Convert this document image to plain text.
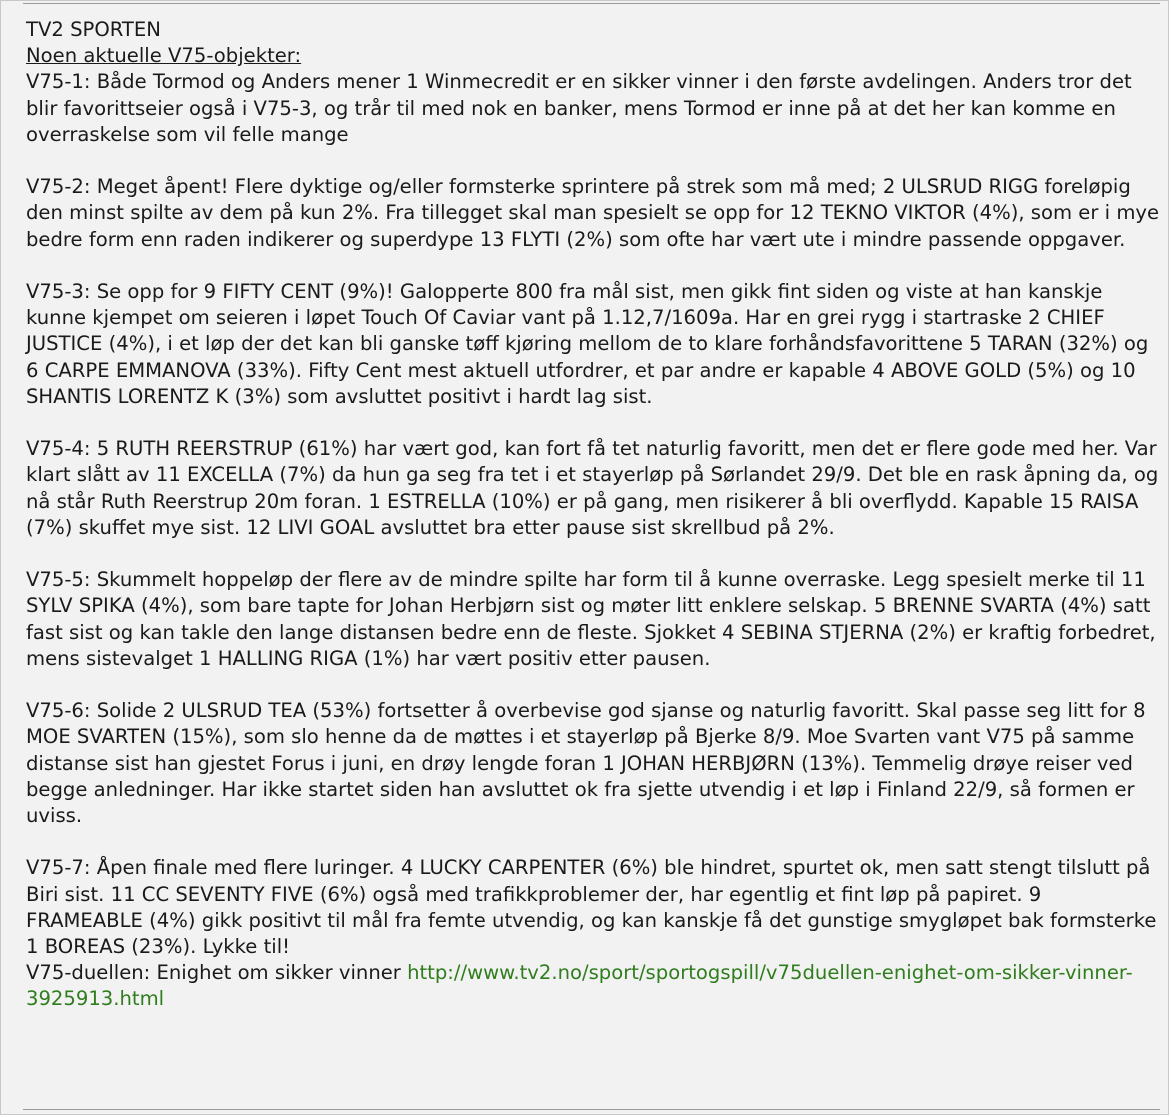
TV2 SPORTEN

Noen aktuelle V75-objekter:

V75-1: Både Tormod og Anders mener 1 Winmecredit er en sikker vinner i den første avdelingen. Anders tror det blir favorittseier også i V75-3, og trår til med nok en banker, mens Tormod er inne på at det her kan komme en overraskelse som vil felle mange

V75-2: Meget åpent! Flere dyktige og/eller formsterke sprintere på strek som må med; 2 ULSRUD RIGG foreløpig den minst spilte av dem på kun 2%. Fra tillegget skal man spesielt se opp for 12 TEKNO VIKTOR (4%), som er i mye bedre form enn raden indikerer og superdype 13 FLYTI (2%) som ofte har vært ute i mindre passende oppgaver.

V75-3: Se opp for 9 FIFTY CENT (9%)! Galopperte 800 fra mål sist, men gikk fint siden og viste at han kanskje kunne kjempet om seieren i løpet Touch Of Caviar vant på 1.12,7/1609a. Har en grei rygg i startraske 2 CHIEF JUSTICE (4%), i et løp der det kan bli ganske tøff kjøring mellom de to klare forhåndsfavorittene 5 TARAN (32%) og 6 CARPE EMMANOVA (33%). Fifty Cent mest aktuell utfordrer, et par andre er kapable 4 ABOVE GOLD (5%) og 10 SHANTIS LORENTZ K (3%) som avsluttet positivt i hardt lag sist.

V75-4: 5 RUTH REERSTRUP (61%) har vært god, kan fort få tet naturlig favoritt, men det er flere gode med her. Var klart slått av 11 EXCELLA (7%) da hun ga seg fra tet i et stayerløp på Sørlandet 29/9. Det ble en rask åpning da, og nå står Ruth Reerstrup 20m foran. 1 ESTRELLA (10%) er på gang, men risikerer å bli overflydd. Kapable 15 RAISA (7%) skuffet mye sist. 12 LIVI GOAL avsluttet bra etter pause sist skrellbud på 2%.

V75-5: Skummelt hoppeløp der flere av de mindre spilte har form til å kunne overraske. Legg spesielt merke til 11 SYLV SPIKA (4%), som bare tapte for Johan Herbjørn sist og møter litt enklere selskap. 5 BRENNE SVARTA (4%) satt fast sist og kan takle den lange distansen bedre enn de fleste. Sjokket 4 SEBINA STJERNA (2%) er kraftig forbedret, mens sistevalget 1 HALLING RIGA (1%) har vært positiv etter pausen.

V75-6: Solide 2 ULSRUD TEA (53%) fortsetter å overbevise god sjanse og naturlig favoritt. Skal passe seg litt for 8 MOE SVARTEN (15%), som slo henne da de møttes i et stayerløp på Bjerke 8/9. Moe Svarten vant V75 på samme distanse sist han gjestet Forus i juni, en drøy lengde foran 1 JOHAN HERBJØRN (13%). Temmelig drøye reiser ved begge anledninger. Har ikke startet siden han avsluttet ok fra sjette utvendig i et løp i Finland 22/9, så formen er uviss.

V75-7: Åpen finale med flere luringer. 4 LUCKY CARPENTER (6%) ble hindret, spurtet ok, men satt stengt tilslutt på Biri sist. 11 CC SEVENTY FIVE (6%) også med trafikkproblemer der, har egentlig et fint løp på papiret. 9 FRAMEABLE (4%) gikk positivt til mål fra femte utvendig, og kan kanskje få det gunstige smygløpet bak formsterke 1 BOREAS (23%). Lykke til!

V75-duellen: Enighet om sikker vinner http://www.tv2.no/sport/sportogspill/v75duellen-enighet-om-sikker-vinner-3925913.html
